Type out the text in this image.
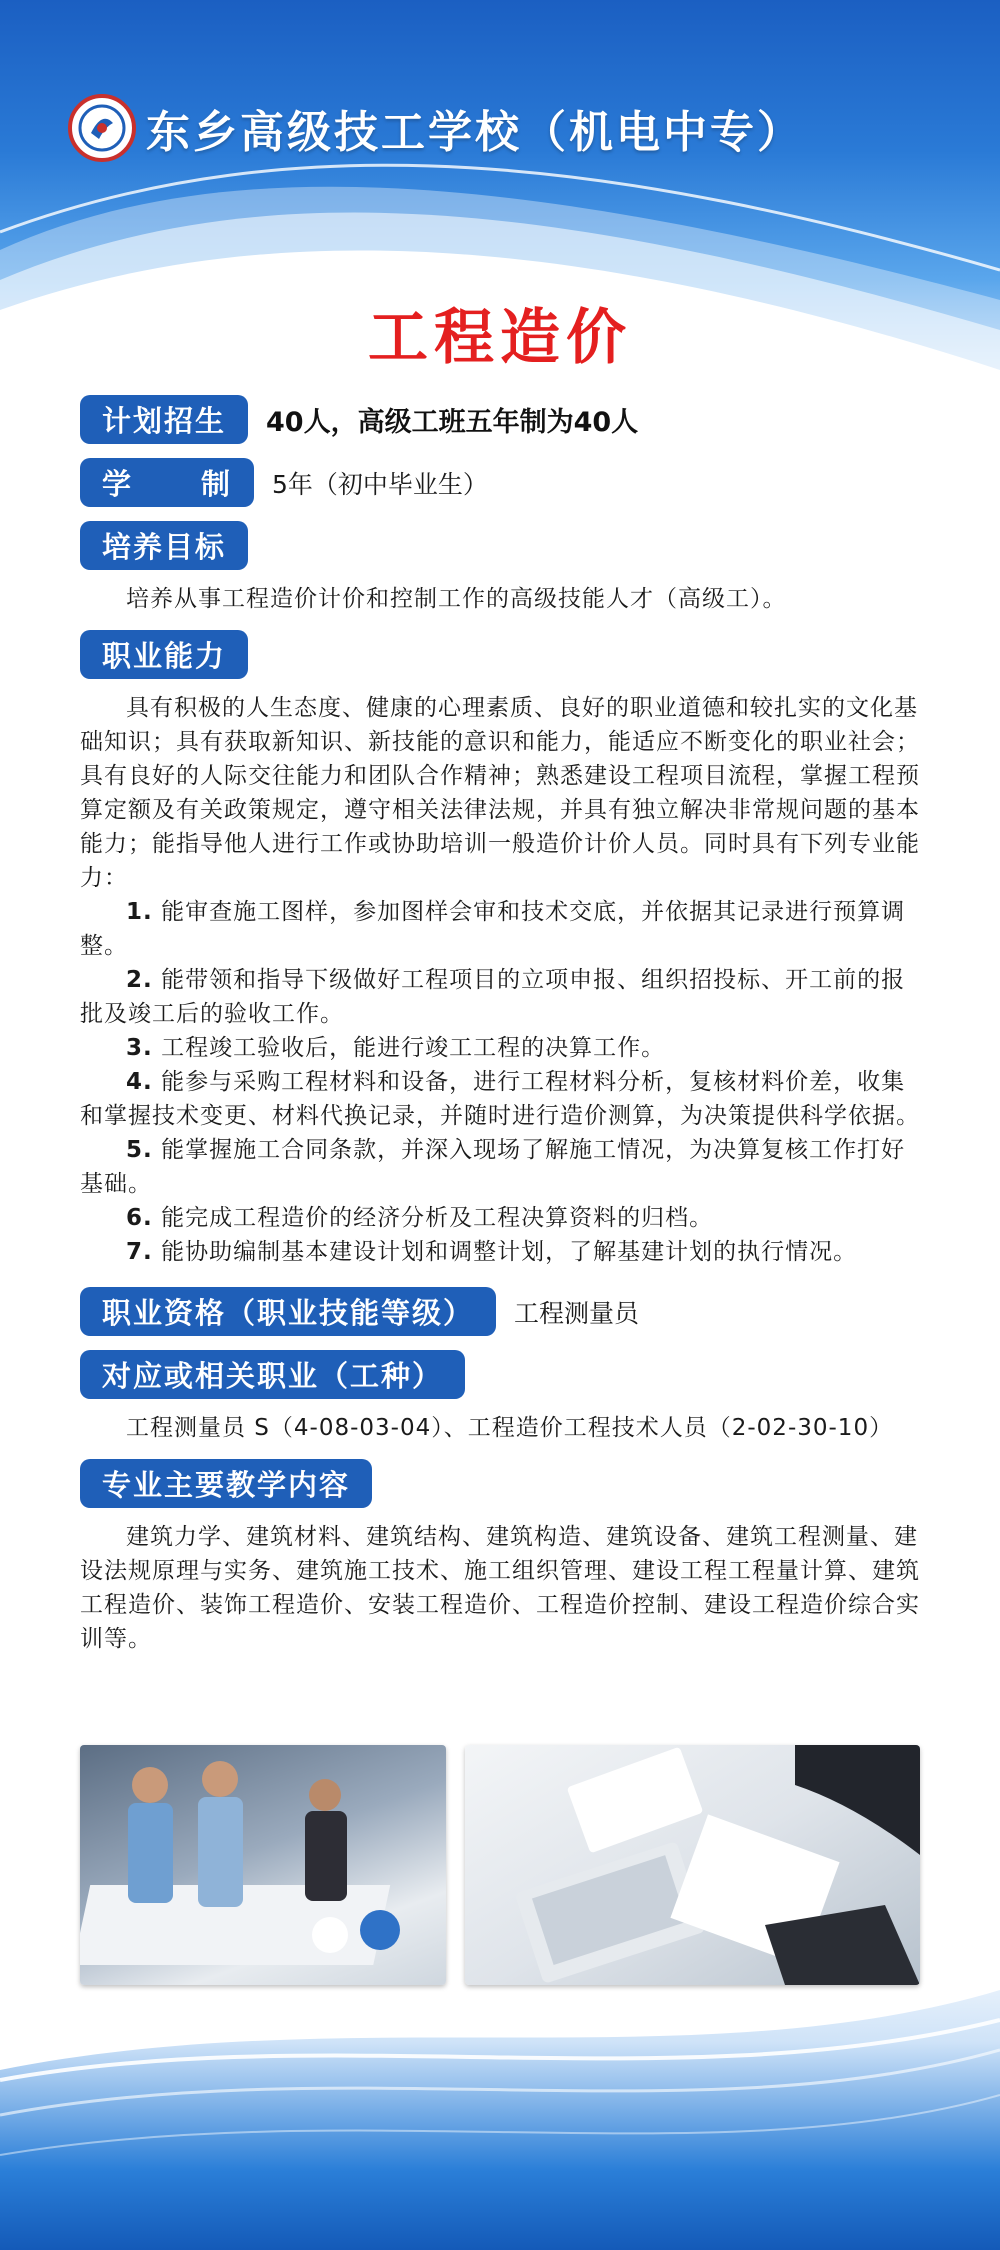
东乡高级技工学校（机电中专）
工程造价
计划招生	40人，高级工班五年制为40人
学 制 5年（初中毕业生）
培养目标

培养从事工程造价计价和控制工作的高级技能人才（高级工）。

职业能力

具有积极的人生态度、健康的心理素质、良好的职业道德和较扎实的文化基础知识；具有获取新知识、新技能的意识和能力，能适应不断变化的职业社会；具有良好的人际交往能力和团队合作精神；熟悉建设工程项目流程，掌握工程预算定额及有关政策规定，遵守相关法律法规，并具有独立解决非常规问题的基本能力；能指导他人进行工作或协助培训一般造价计价人员。同时具有下列专业能力：

1. 能审查施工图样，参加图样会审和技术交底，并依据其记录进行预算调整。

2. 能带领和指导下级做好工程项目的立项申报、组织招投标、开工前的报批及竣工后的验收工作。

3. 工程竣工验收后，能进行竣工工程的决算工作。

4. 能参与采购工程材料和设备，进行工程材料分析，复核材料价差，收集和掌握技术变更、材料代换记录，并随时进行造价测算，为决策提供科学依据。

5. 能掌握施工合同条款，并深入现场了解施工情况，为决算复核工作打好基础。

6. 能完成工程造价的经济分析及工程决算资料的归档。

7. 能协助编制基本建设计划和调整计划，了解基建计划的执行情况。

职业资格（职业技能等级）	工程测量员
对应或相关职业（工种）

工程测量员 S（4-08-03-04）、工程造价工程技术人员（2-02-30-10）

专业主要教学内容

建筑力学、建筑材料、建筑结构、建筑构造、建筑设备、建筑工程测量、建设法规原理与实务、建筑施工技术、施工组织管理、建设工程工程量计算、建筑工程造价、装饰工程造价、安装工程造价、工程造价控制、建设工程造价综合实训等。
